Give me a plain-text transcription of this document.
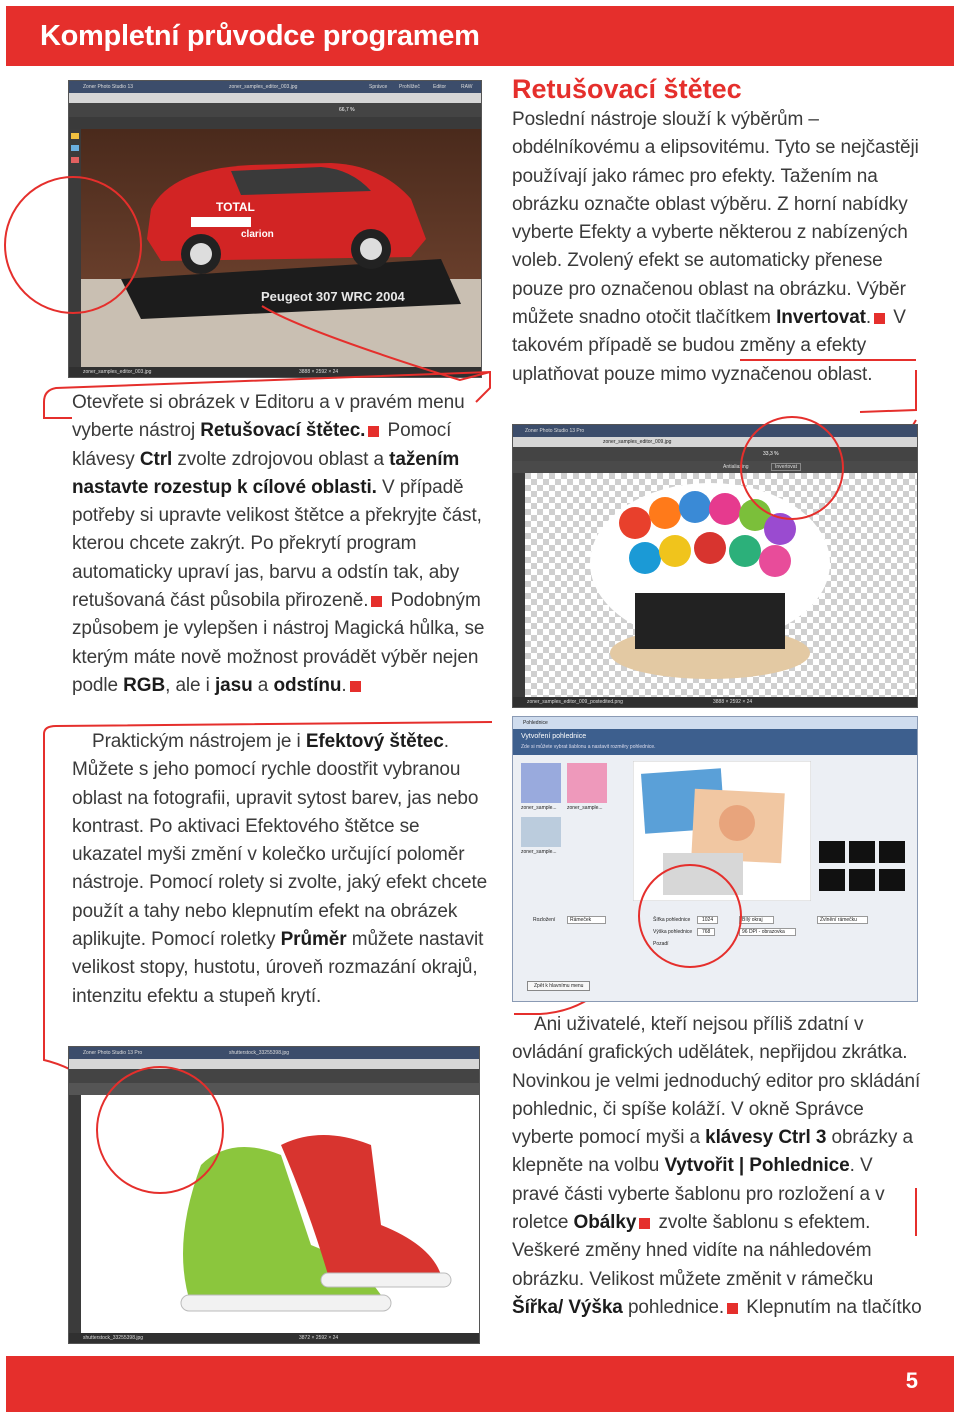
Kompletní průvodce programem
Zoner Photo Studio 13	zoner_samples_editor_003.jpg	Správce Prohlížeč	Editor	RAW
66,7 %
TOTAL
clarion
Peugeot 307 WRC 2004
zoner_samples_editor_003.jpg	3888 × 2592 × 24

Otevřete si obrázek v Editoru a v pravém menu vyberte nástroj Retušovací štětec. Pomocí klávesy Ctrl zvolte zdrojovou oblast a tažením nastavte rozestup k cílové oblasti. V případě potřeby si upravte velikost štětce a překryjte část, kterou chcete zakrýt. Po překrytí program automaticky upraví jas, barvu a odstín tak, aby retušovaná část působila přirozeně. Podobným způsobem je vylepšen i nástroj Magická hůlka, se kterým máte nově možnost provádět výběr nejen podle RGB, ale i jasu a odstínu.

Praktickým nástrojem je i Efektový štětec. Můžete s jeho pomocí rychle doostřit vybranou oblast na fotografii, upravit sytost barev, jas nebo kontrast. Po aktivaci Efektového štětce se ukazatel myši změní v kolečko určující poloměr nástroje. Pomocí rolety si zvolte, jaký efekt chcete použít a tahy nebo klepnutím efekt na obrázek aplikujte. Pomocí roletky Průměr můžete nastavit velikost stopy, hustotu, úroveň rozmazání okrajů, intenzitu efektu a stupeň krytí.

Zoner Photo Studio 13 Pro	shutterstock_33255398.jpg
shutterstock_33255398.jpg	3872 × 2592 × 24
Retušovací štětec

Poslední nástroje slouží k výběrům – obdélníkovému a elipsovitému. Tyto se nejčastěji používají jako rámec pro efekty. Tažením na obrázku označte oblast výběru. Z horní nabídky vyberte Efekty a vyberte některou z nabízených voleb. Zvolený efekt se automaticky přenese pouze pro označenou oblast na obrázku. Výběr můžete snadno otočit tlačítkem Invertovat. V takovém případě se budou změny a efekty uplatňovat pouze mimo vyznačenou oblast.

Zoner Photo Studio 13 Pro
zoner_samples_editor_009.jpg
33,3 %
Antialiasing	Invertovat
zoner_samples_editor_009_postedited.png	3888 × 2592 × 24
Pohlednice
Vytvoření pohlednice
Zde si můžete vybrat šablonu a nastavit rozměry pohlednice.
zoner_sample... zoner_sample...
zoner_sample...
Rozložení	Rámeček	Šířka pohlednice	1024
Výška pohlednice	768
Pozadí
Bílý okraj
96 DPI - obrazovka
Zvlnění rámečku
Zpět k hlavnímu menu

Ani uživatelé, kteří nejsou příliš zdatní v ovládání grafických udělátek, nepřijdou zkrátka. Novinkou je velmi jednoduchý editor pro skládání pohlednic, či spíše koláží. V okně Správce vyberte pomocí myši a klávesy Ctrl 3 obrázky a klepněte na volbu Vytvořit | Pohlednice. V pravé části vyberte šablonu pro rozložení a v roletce Obálky zvolte šablonu s efektem. Veškeré změny hned vidíte na náhledovém obrázku. Velikost můžete změnit v rámečku Šířka/ Výška pohlednice. Klepnutím na tlačítko

5
